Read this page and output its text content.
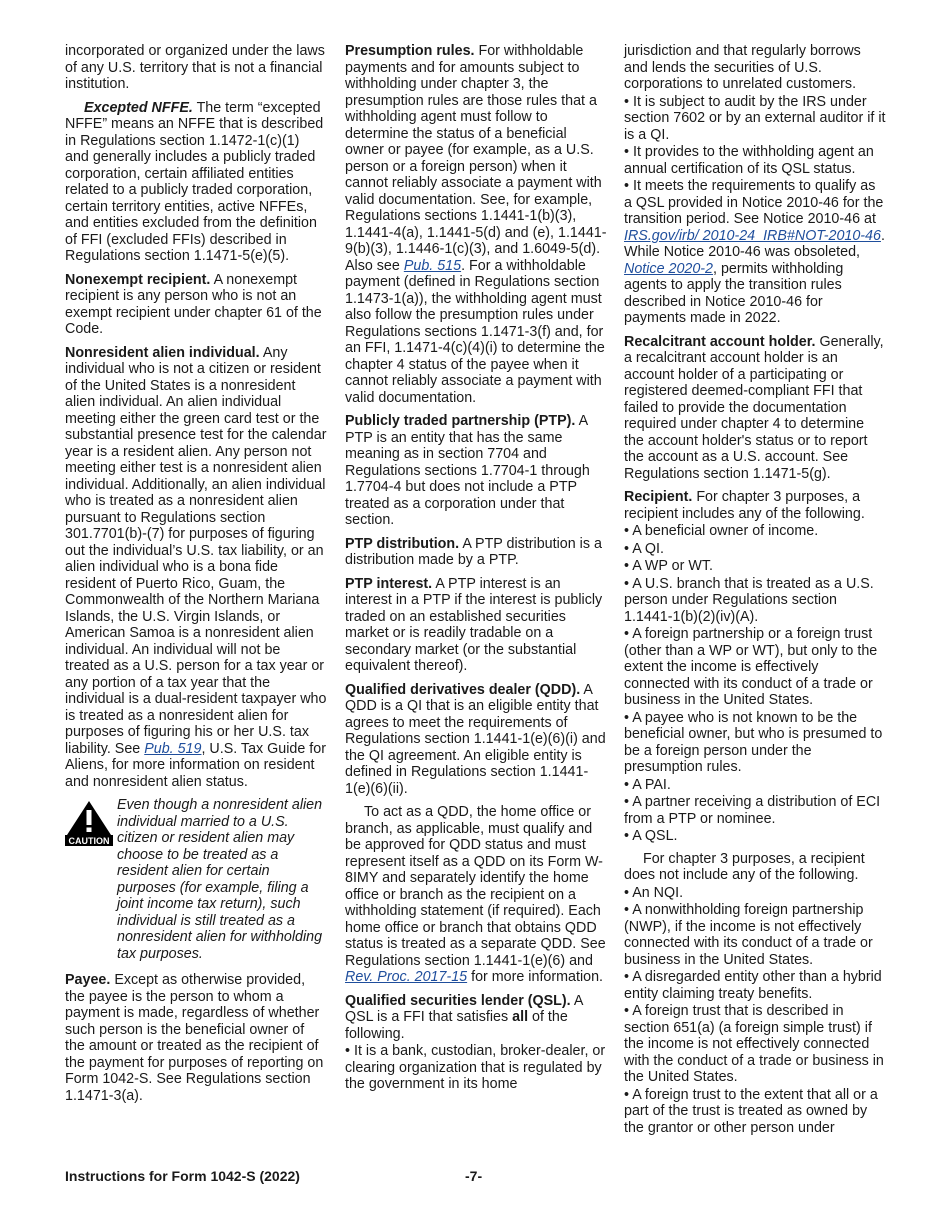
incorporated or organized under the laws of any U.S. territory that is not a financial institution.

Excepted NFFE. The term “excepted NFFE” means an NFFE that is described in Regulations section 1.1472-1(c)(1) and generally includes a publicly traded corporation, certain affiliated entities related to a publicly traded corporation, certain territory entities, active NFFEs, and entities excluded from the definition of FFI (excluded FFIs) described in Regulations section 1.1471-5(e)(5).

Nonexempt recipient. A nonexempt recipient is any person who is not an exempt recipient under chapter 61 of the Code.

Nonresident alien individual. Any individual who is not a citizen or resident of the United States is a nonresident alien individual. An alien individual meeting either the green card test or the substantial presence test for the calendar year is a resident alien. Any person not meeting either test is a nonresident alien individual. Additionally, an alien individual who is treated as a nonresident alien pursuant to Regulations section 301.7701(b)-(7) for purposes of figuring out the individual’s U.S. tax liability, or an alien individual who is a bona fide resident of Puerto Rico, Guam, the Commonwealth of the Northern Mariana Islands, the U.S. Virgin Islands, or American Samoa is a nonresident alien individual. An individual will not be treated as a U.S. person for a tax year or any portion of a tax year that the individual is a dual-resident taxpayer who is treated as a nonresident alien for purposes of figuring his or her U.S. tax liability. See Pub. 519, U.S. Tax Guide for Aliens, for more information on resident and nonresident alien status.

CAUTION
Even though a nonresident alien individual married to a U.S. citizen or resident alien may choose to be treated as a resident alien for certain purposes (for example, filing a joint income tax return), such individual is still treated as a nonresident alien for withholding tax purposes.

Payee. Except as otherwise provided, the payee is the person to whom a payment is made, regardless of whether such person is the beneficial owner of the amount or treated as the recipient of the payment for purposes of reporting on Form 1042-S. See Regulations section 1.1471-3(a).

Presumption rules. For withholdable payments and for amounts subject to withholding under chapter 3, the presumption rules are those rules that a withholding agent must follow to determine the status of a beneficial owner or payee (for example, as a U.S. person or a foreign person) when it cannot reliably associate a payment with valid documentation. See, for example, Regulations sections 1.1441-1(b)(3), 1.1441-4(a), 1.1441-5(d) and (e), 1.1441-9(b)(3), 1.1446-1(c)(3), and 1.6049-5(d). Also see Pub. 515. For a withholdable payment (defined in Regulations section 1.1473-1(a)), the withholding agent must also follow the presumption rules under Regulations sections 1.1471-3(f) and, for an FFI, 1.1471-4(c)(4)(i) to determine the chapter 4 status of the payee when it cannot reliably associate a payment with valid documentation.

Publicly traded partnership (PTP). A PTP is an entity that has the same meaning as in section 7704 and Regulations sections 1.7704-1 through 1.7704-4 but does not include a PTP treated as a corporation under that section.

PTP distribution. A PTP distribution is a distribution made by a PTP.

PTP interest. A PTP interest is an interest in a PTP if the interest is publicly traded on an established securities market or is readily tradable on a secondary market (or the substantial equivalent thereof).

Qualified derivatives dealer (QDD). A QDD is a QI that is an eligible entity that agrees to meet the requirements of Regulations section 1.1441-1(e)(6)(i) and the QI agreement. An eligible entity is defined in Regulations section 1.1441-1(e)(6)(ii).

To act as a QDD, the home office or branch, as applicable, must qualify and be approved for QDD status and must represent itself as a QDD on its Form W-8IMY and separately identify the home office or branch as the recipient on a withholding statement (if required). Each home office or branch that obtains QDD status is treated as a separate QDD. See Regulations section 1.1441-1(e)(6) and Rev. Proc. 2017-15 for more information.

Qualified securities lender (QSL). A QSL is a FFI that satisfies all of the following.

• It is a bank, custodian, broker-dealer, or clearing organization that is regulated by the government in its home
jurisdiction and that regularly borrows and lends the securities of U.S. corporations to unrelated customers.
• It is subject to audit by the IRS under section 7602 or by an external auditor if it is a QI.
• It provides to the withholding agent an annual certification of its QSL status.
• It meets the requirements to qualify as a QSL provided in Notice 2010-46 for the transition period. See Notice 2010-46 at IRS.gov/irb/ 2010-24_IRB#NOT-2010-46. While Notice 2010-46 was obsoleted, Notice 2020-2, permits withholding agents to apply the transition rules described in Notice 2010-46 for payments made in 2022.

Recalcitrant account holder. Generally, a recalcitrant account holder is an account holder of a participating or registered deemed-compliant FFI that failed to provide the documentation required under chapter 4 to determine the account holder's status or to report the account as a U.S. account. See Regulations section 1.1471-5(g).

Recipient. For chapter 3 purposes, a recipient includes any of the following.

• A beneficial owner of income.
• A QI.
• A WP or WT.
• A U.S. branch that is treated as a U.S. person under Regulations section 1.1441-1(b)(2)(iv)(A).
• A foreign partnership or a foreign trust (other than a WP or WT), but only to the extent the income is effectively connected with its conduct of a trade or business in the United States.
• A payee who is not known to be the beneficial owner, but who is presumed to be a foreign person under the presumption rules.
• A PAI.
• A partner receiving a distribution of ECI from a PTP or nominee.
• A QSL.
For chapter 3 purposes, a recipient does not include any of the following.
• An NQI.
• A nonwithholding foreign partnership (NWP), if the income is not effectively connected with its conduct of a trade or business in the United States.
• A disregarded entity other than a hybrid entity claiming treaty benefits.
• A foreign trust that is described in section 651(a) (a foreign simple trust) if the income is not effectively connected with the conduct of a trade or business in the United States.
• A foreign trust to the extent that all or a part of the trust is treated as owned by the grantor or other person under
Instructions for Form 1042-S (2022)	-7-
